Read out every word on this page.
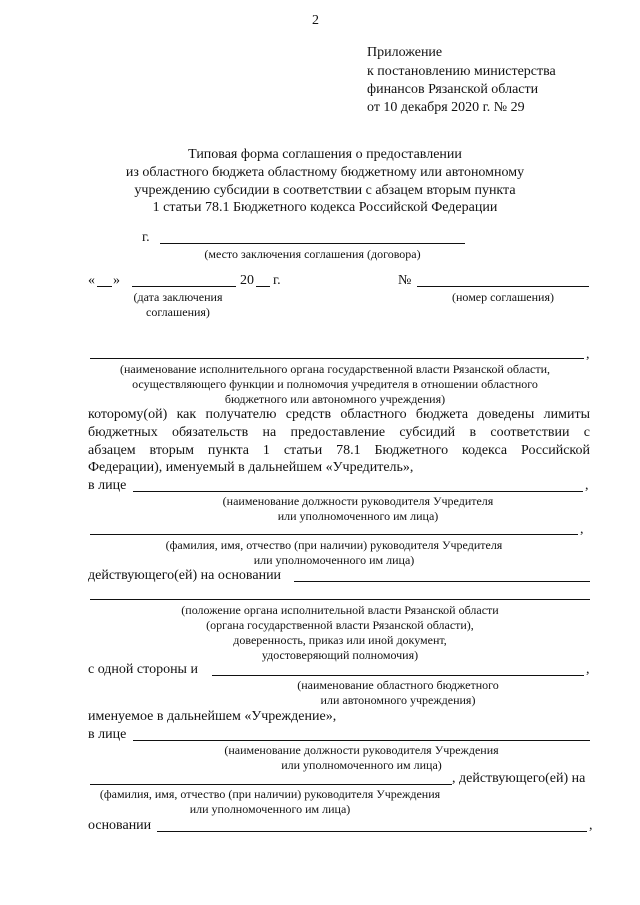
2
Приложение
к постановлению министерства
финансов Рязанской области
от 10 декабря 2020 г. № 29
Типовая форма соглашения о предоставлении
из областного бюджета областному бюджетному или автономному
учреждению субсидии в соответствии с абзацем вторым пункта
1 статьи 78.1 Бюджетного кодекса Российской Федерации
г.
(место заключения соглашения (договора)
« »	20 г.	№
(дата заключения
соглашения)
(номер соглашения)
,
(наименование исполнительного органа государственной власти Рязанской области,
осуществляющего функции и полномочия учредителя в отношении областного
бюджетного или автономного учреждения)
которому(ой) как получателю средств областного бюджета доведены лимиты
бюджетных обязательств на предоставление субсидий в соответствии с
абзацем вторым пункта 1 статьи 78.1 Бюджетного кодекса Российской
Федерации), именуемый в дальнейшем «Учредитель»,
в лице	,
(наименование должности руководителя Учредителя
или уполномоченного им лица)
,
(фамилия, имя, отчество (при наличии) руководителя Учредителя
или уполномоченного им лица)
действующего(ей) на основании
(положение органа исполнительной власти Рязанской области
(органа государственной власти Рязанской области),
доверенность, приказ или иной документ,
удостоверяющий полномочия)
с одной стороны и	,
(наименование областного бюджетного
или автономного учреждения)
именуемое в дальнейшем «Учреждение»,
в лице
(наименование должности руководителя Учреждения
или уполномоченного им лица)
, действующего(ей) на
(фамилия, имя, отчество (при наличии) руководителя Учреждения
или уполномоченного им лица)
основании	,
